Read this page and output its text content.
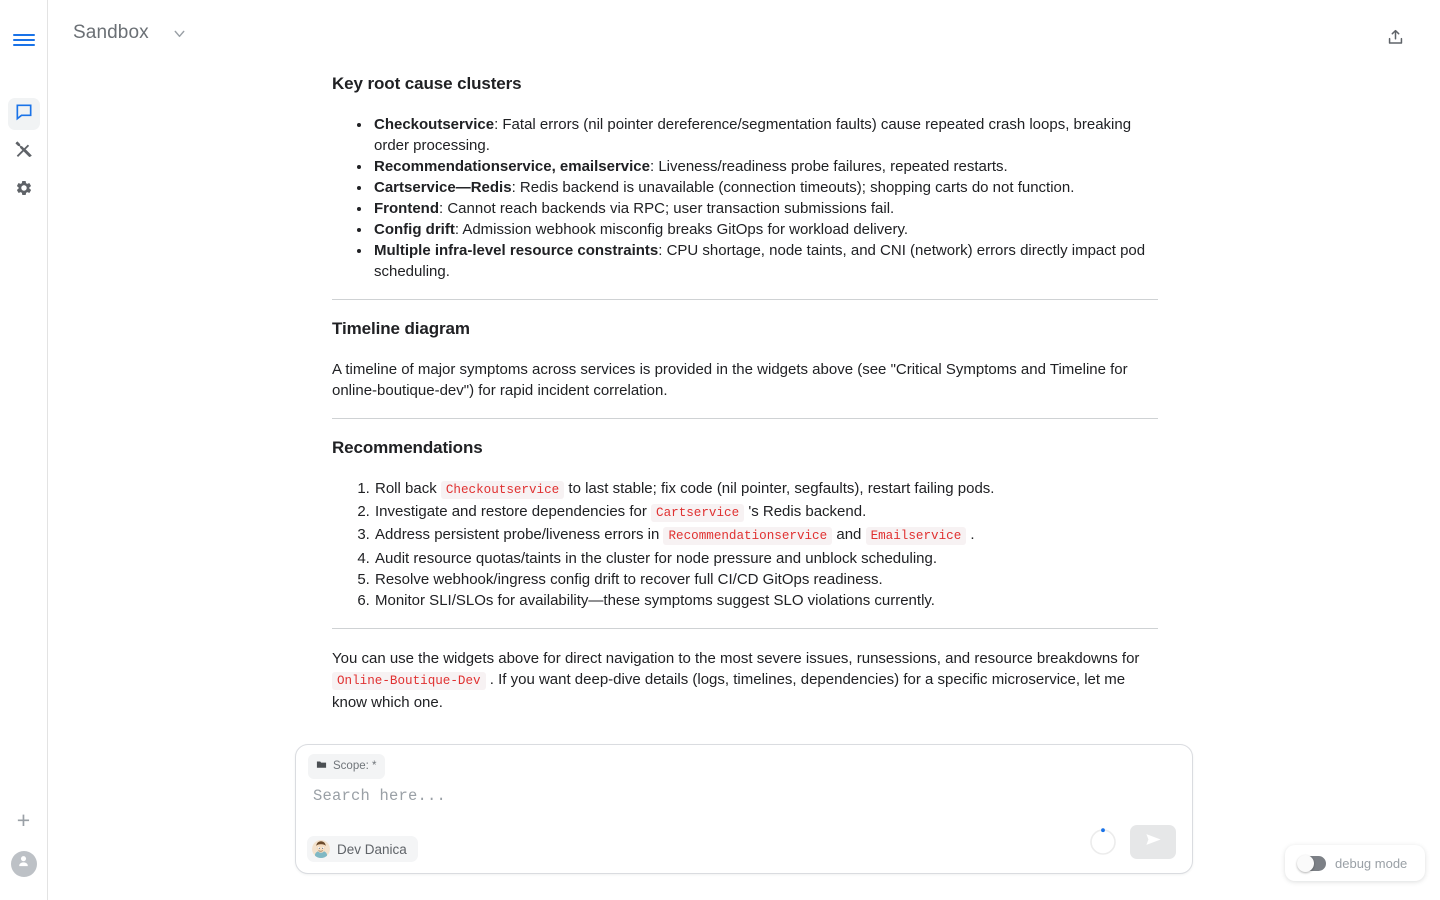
+
Sandbox
Key root cause clusters
• Checkoutservice: Fatal errors (nil pointer dereference/segmentation faults) cause repeated crash loops, breaking order processing.
• Recommendationservice, emailservice: Liveness/readiness probe failures, repeated restarts.
• Cartservice—Redis: Redis backend is unavailable (connection timeouts); shopping carts do not function.
• Frontend: Cannot reach backends via RPC; user transaction submissions fail.
• Config drift: Admission webhook misconfig breaks GitOps for workload delivery.
• Multiple infra-level resource constraints: CPU shortage, node taints, and CNI (network) errors directly impact pod scheduling.
Timeline diagram

A timeline of major symptoms across services is provided in the widgets above (see "Critical Symptoms and Timeline for online-boutique-dev") for rapid incident correlation.

Recommendations
1. Roll back Checkoutservice to last stable; fix code (nil pointer, segfaults), restart failing pods.
2. Investigate and restore dependencies for Cartservice 's Redis backend.
3. Address persistent probe/liveness errors in Recommendationservice and Emailservice .
4. Audit resource quotas/taints in the cluster for node pressure and unblock scheduling.
5. Resolve webhook/ingress config drift to recover full CI/CD GitOps readiness.
6. Monitor SLI/SLOs for availability—these symptoms suggest SLO violations currently.

You can use the widgets above for direct navigation to the most severe issues, runsessions, and resource breakdowns for Online-Boutique-Dev . If you want deep-dive details (logs, timelines, dependencies) for a specific microservice, let me know which one.

Scope: *
Search here...
Dev Danica
debug mode
